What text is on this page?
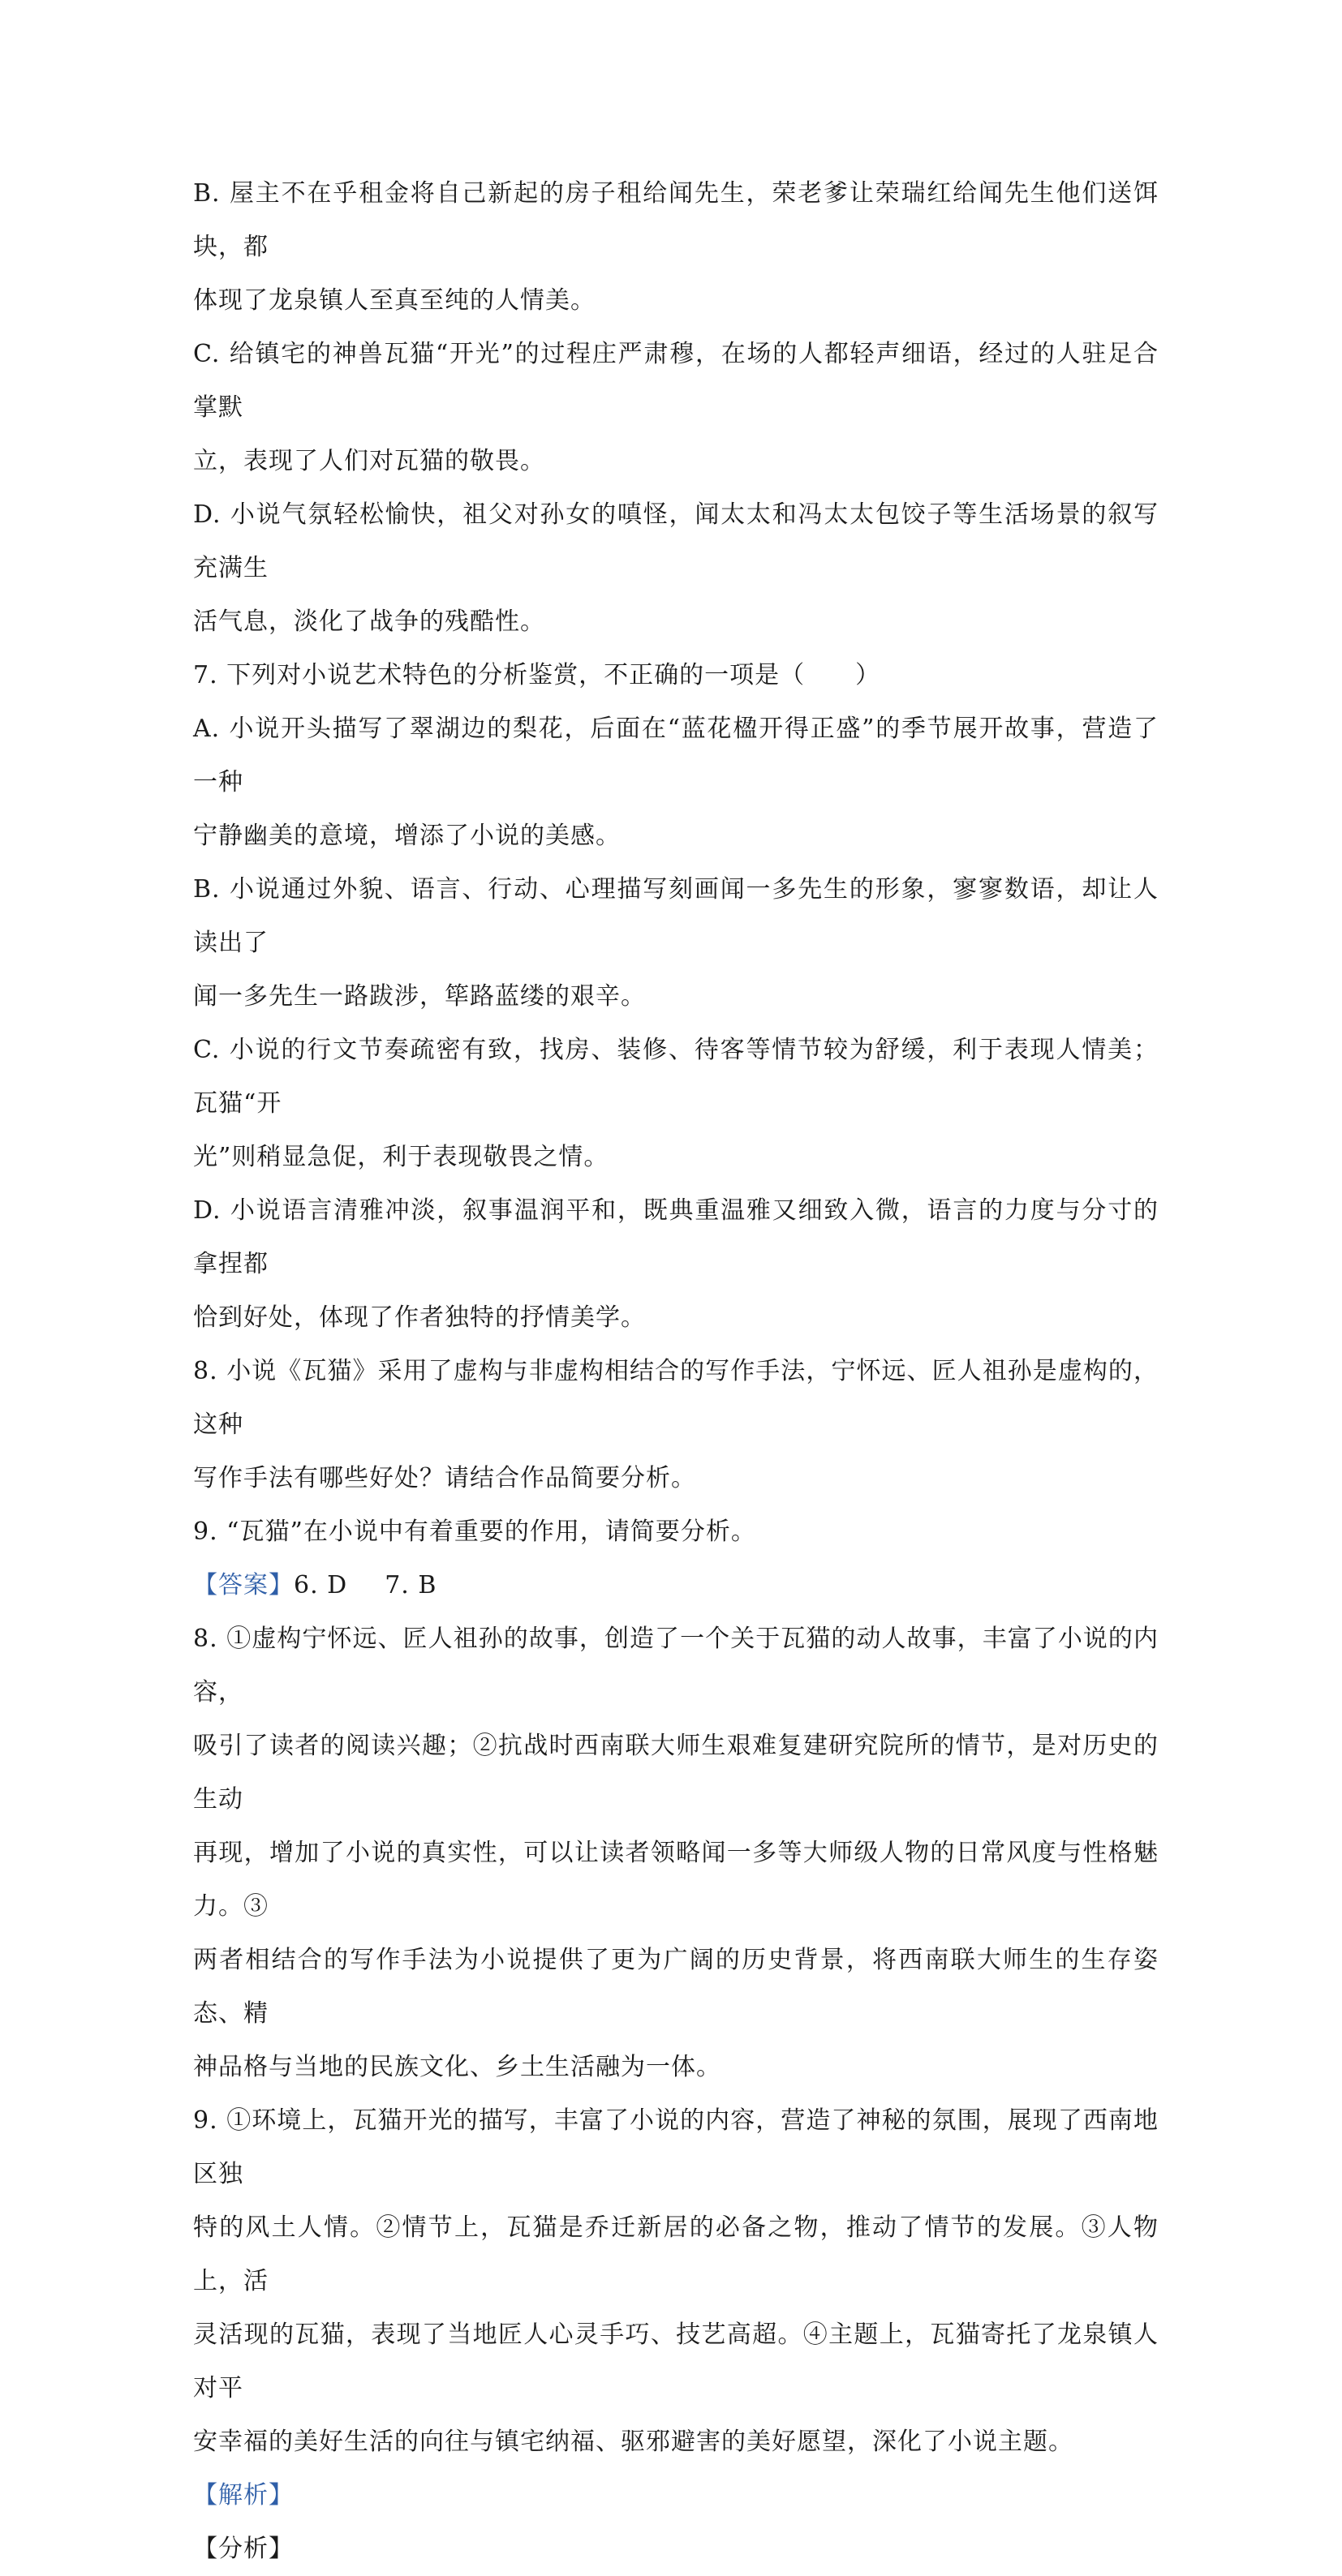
B. 屋主不在乎租金将自己新起的房子租给闻先生，荣老爹让荣瑞红给闻先生他们送饵块，都

体现了龙泉镇人至真至纯的人情美。

C. 给镇宅的神兽瓦猫“开光”的过程庄严肃穆，在场的人都轻声细语，经过的人驻足合掌默

立，表现了人们对瓦猫的敬畏。

D. 小说气氛轻松愉快，祖父对孙女的嗔怪，闻太太和冯太太包饺子等生活场景的叙写充满生

活气息，淡化了战争的残酷性。

7. 下列对小说艺术特色的分析鉴赏，不正确的一项是（　　）

A. 小说开头描写了翠湖边的梨花，后面在“蓝花楹开得正盛”的季节展开故事，营造了一种

宁静幽美的意境，增添了小说的美感。

B. 小说通过外貌、语言、行动、心理描写刻画闻一多先生的形象，寥寥数语，却让人读出了

闻一多先生一路跋涉，筚路蓝缕的艰辛。

C. 小说的行文节奏疏密有致，找房、装修、待客等情节较为舒缓，利于表现人情美；瓦猫“开

光”则稍显急促，利于表现敬畏之情。

D. 小说语言清雅冲淡，叙事温润平和，既典重温雅又细致入微，语言的力度与分寸的拿捏都

恰到好处，体现了作者独特的抒情美学。

8. 小说《瓦猫》采用了虚构与非虚构相结合的写作手法，宁怀远、匠人祖孙是虚构的，这种

写作手法有哪些好处？请结合作品简要分析。

9. “瓦猫”在小说中有着重要的作用，请简要分析。

【答案】6. D 7. B

8. ①虚构宁怀远、匠人祖孙的故事，创造了一个关于瓦猫的动人故事，丰富了小说的内容，

吸引了读者的阅读兴趣；②抗战时西南联大师生艰难复建研究院所的情节，是对历史的生动

再现，增加了小说的真实性，可以让读者领略闻一多等大师级人物的日常风度与性格魅力。③

两者相结合的写作手法为小说提供了更为广阔的历史背景，将西南联大师生的生存姿态、精

神品格与当地的民族文化、乡土生活融为一体。

9. ①环境上，瓦猫开光的描写，丰富了小说的内容，营造了神秘的氛围，展现了西南地区独

特的风土人情。②情节上，瓦猫是乔迁新居的必备之物，推动了情节的发展。③人物上，活

灵活现的瓦猫，表现了当地匠人心灵手巧、技艺高超。④主题上，瓦猫寄托了龙泉镇人对平

安幸福的美好生活的向往与镇宅纳福、驱邪避害的美好愿望，深化了小说主题。

【解析】

【分析】
